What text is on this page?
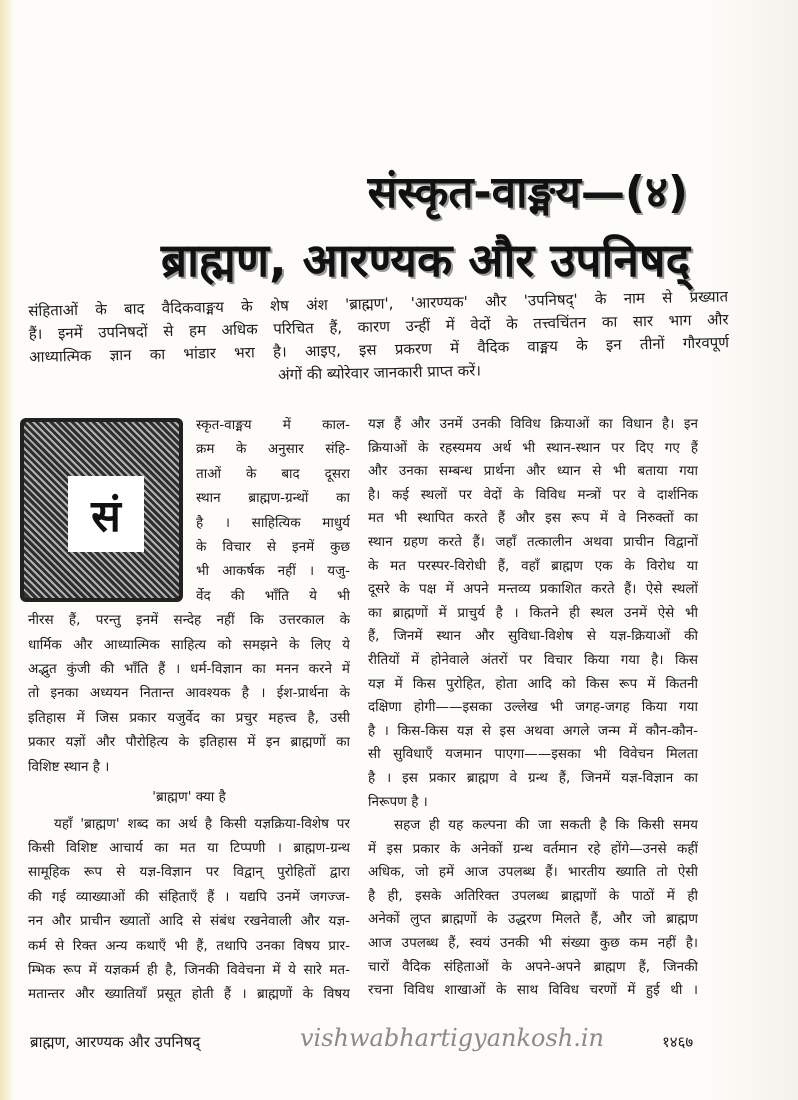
संस्कृत-वाङ्मय—(४)
ब्राह्मण, आरण्यक और उपनिषद्
संहिताओं के बाद वैदिकवाङ्मय के शेष अंश 'ब्राह्मण', 'आरण्यक' और 'उपनिषद्' के नाम से प्रख्यात
हैं। इनमें उपनिषदों से हम अधिक परिचित हैं, कारण उन्हीं में वेदों के तत्त्वचिंतन का सार भाग और
आध्यात्मिक ज्ञान का भांडार भरा है। आइए, इस प्रकरण में वैदिक वाङ्मय के इन तीनों गौरवपूर्ण
अंगों की ब्योरेवार जानकारी प्राप्त करें।
सं
स्कृत-वाङ्मय में काल-
क्रम के अनुसार संहि-
ताओं के बाद दूसरा
स्थान ब्राह्मण-ग्रन्थों का
है । साहित्यिक माधुर्य
के विचार से इनमें कुछ
भी आकर्षक नहीं । यजु-
र्वेद की भाँति ये भी
नीरस हैं, परन्तु इनमें सन्देह नहीं कि उत्तरकाल के
धार्मिक और आध्यात्मिक साहित्य को समझने के लिए ये
अद्भुत कुंजी की भाँति हैं । धर्म-विज्ञान का मनन करने में
तो इनका अध्ययन नितान्त आवश्यक है । ईश-प्रार्थना के
इतिहास में जिस प्रकार यजुर्वेद का प्रचुर महत्त्व है, उसी
प्रकार यज्ञों और पौरोहित्य के इतिहास में इन ब्राह्मणों का
विशिष्ट स्थान है ।
'ब्राह्मण' क्या है
यहाँ 'ब्राह्मण' शब्द का अर्थ है किसी यज्ञक्रिया-विशेष पर
किसी विशिष्ट आचार्य का मत या टिप्पणी । ब्राह्मण-ग्रन्थ
सामूहिक रूप से यज्ञ-विज्ञान पर विद्वान् पुरोहितों द्वारा
की गई व्याख्याओं की संहिताएँ हैं । यद्यपि उनमें जगज्ज-
नन और प्राचीन ख्यातों आदि से संबंध रखनेवाली और यज्ञ-
कर्म से रिक्त अन्य कथाएँ भी हैं, तथापि उनका विषय प्रार-
म्भिक रूप में यज्ञकर्म ही है, जिनकी विवेचना में ये सारे मत-
मतान्तर और ख्यातियाँ प्रसूत होती हैं । ब्राह्मणों के विषय
यज्ञ हैं और उनमें उनकी विविध क्रियाओं का विधान है। इन
क्रियाओं के रहस्यमय अर्थ भी स्थान-स्थान पर दिए गए हैं
और उनका सम्बन्ध प्रार्थना और ध्यान से भी बताया गया
है। कई स्थलों पर वेदों के विविध मन्त्रों पर वे दार्शनिक
मत भी स्थापित करते हैं और इस रूप में वे निरुक्तों का
स्थान ग्रहण करते हैं। जहाँ तत्कालीन अथवा प्राचीन विद्वानों
के मत परस्पर-विरोधी हैं, वहाँ ब्राह्मण एक के विरोध या
दूसरे के पक्ष में अपने मन्तव्य प्रकाशित करते हैं। ऐसे स्थलों
का ब्राह्मणों में प्राचुर्य है । कितने ही स्थल उनमें ऐसे भी
हैं, जिनमें स्थान और सुविधा-विशेष से यज्ञ-क्रियाओं की
रीतियों में होनेवाले अंतरों पर विचार किया गया है। किस
यज्ञ में किस पुरोहित, होता आदि को किस रूप में कितनी
दक्षिणा होगी——इसका उल्लेख भी जगह-जगह किया गया
है । किस-किस यज्ञ से इस अथवा अगले जन्म में कौन-कौन-
सी सुविधाएँ यजमान पाएगा——इसका भी विवेचन मिलता
है । इस प्रकार ब्राह्मण वे ग्रन्थ हैं, जिनमें यज्ञ-विज्ञान का
निरूपण है ।
सहज ही यह कल्पना की जा सकती है कि किसी समय
में इस प्रकार के अनेकों ग्रन्थ वर्तमान रहे होंगे—उनसे कहीं
अधिक, जो हमें आज उपलब्ध हैं। भारतीय ख्याति तो ऐसी
है ही, इसके अतिरिक्त उपलब्ध ब्राह्मणों के पाठों में ही
अनेकों लुप्त ब्राह्मणों के उद्धरण मिलते हैं, और जो ब्राह्मण
आज उपलब्ध हैं, स्वयं उनकी भी संख्या कुछ कम नहीं है।
चारों वैदिक संहिताओं के अपने-अपने ब्राह्मण हैं, जिनकी
रचना विविध शाखाओं के साथ विविध चरणों में हुई थी ।
ब्राह्मण, आरण्यक और उपनिषद्	vishwabhartigyankosh.in	१४६७
